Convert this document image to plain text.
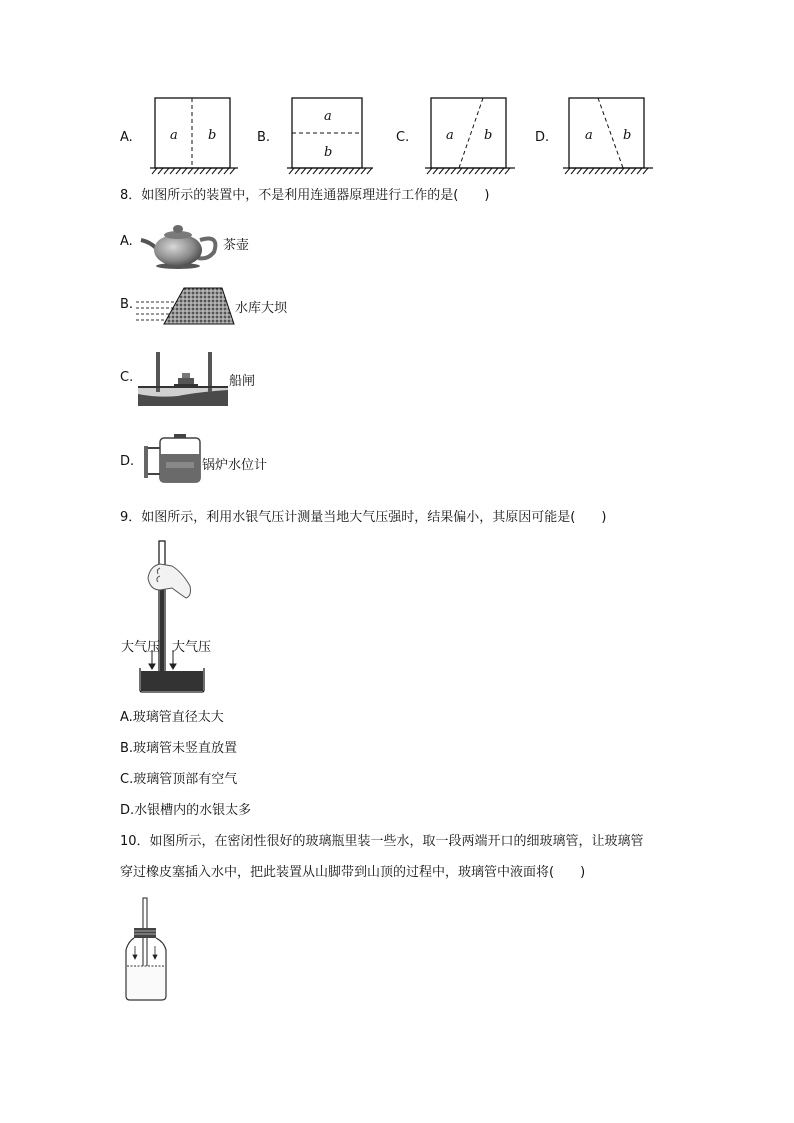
A.	a b	B.
a
b
C.	a b	D.	a b
8．如图所示的装置中，不是利用连通器原理进行工作的是(　　)
A.	茶壶
B.	水库大坝
C.	船闸
D.	锅炉水位计
9．如图所示，利用水银气压计测量当地大气压强时，结果偏小，其原因可能是(　　)
大气压 大气压
A.玻璃管直径太大
B.玻璃管未竖直放置
C.玻璃管顶部有空气
D.水银槽内的水银太多
10．如图所示，在密闭性很好的玻璃瓶里装一些水，取一段两端开口的细玻璃管，让玻璃管
穿过橡皮塞插入水中，把此装置从山脚带到山顶的过程中，玻璃管中液面将(　　)
